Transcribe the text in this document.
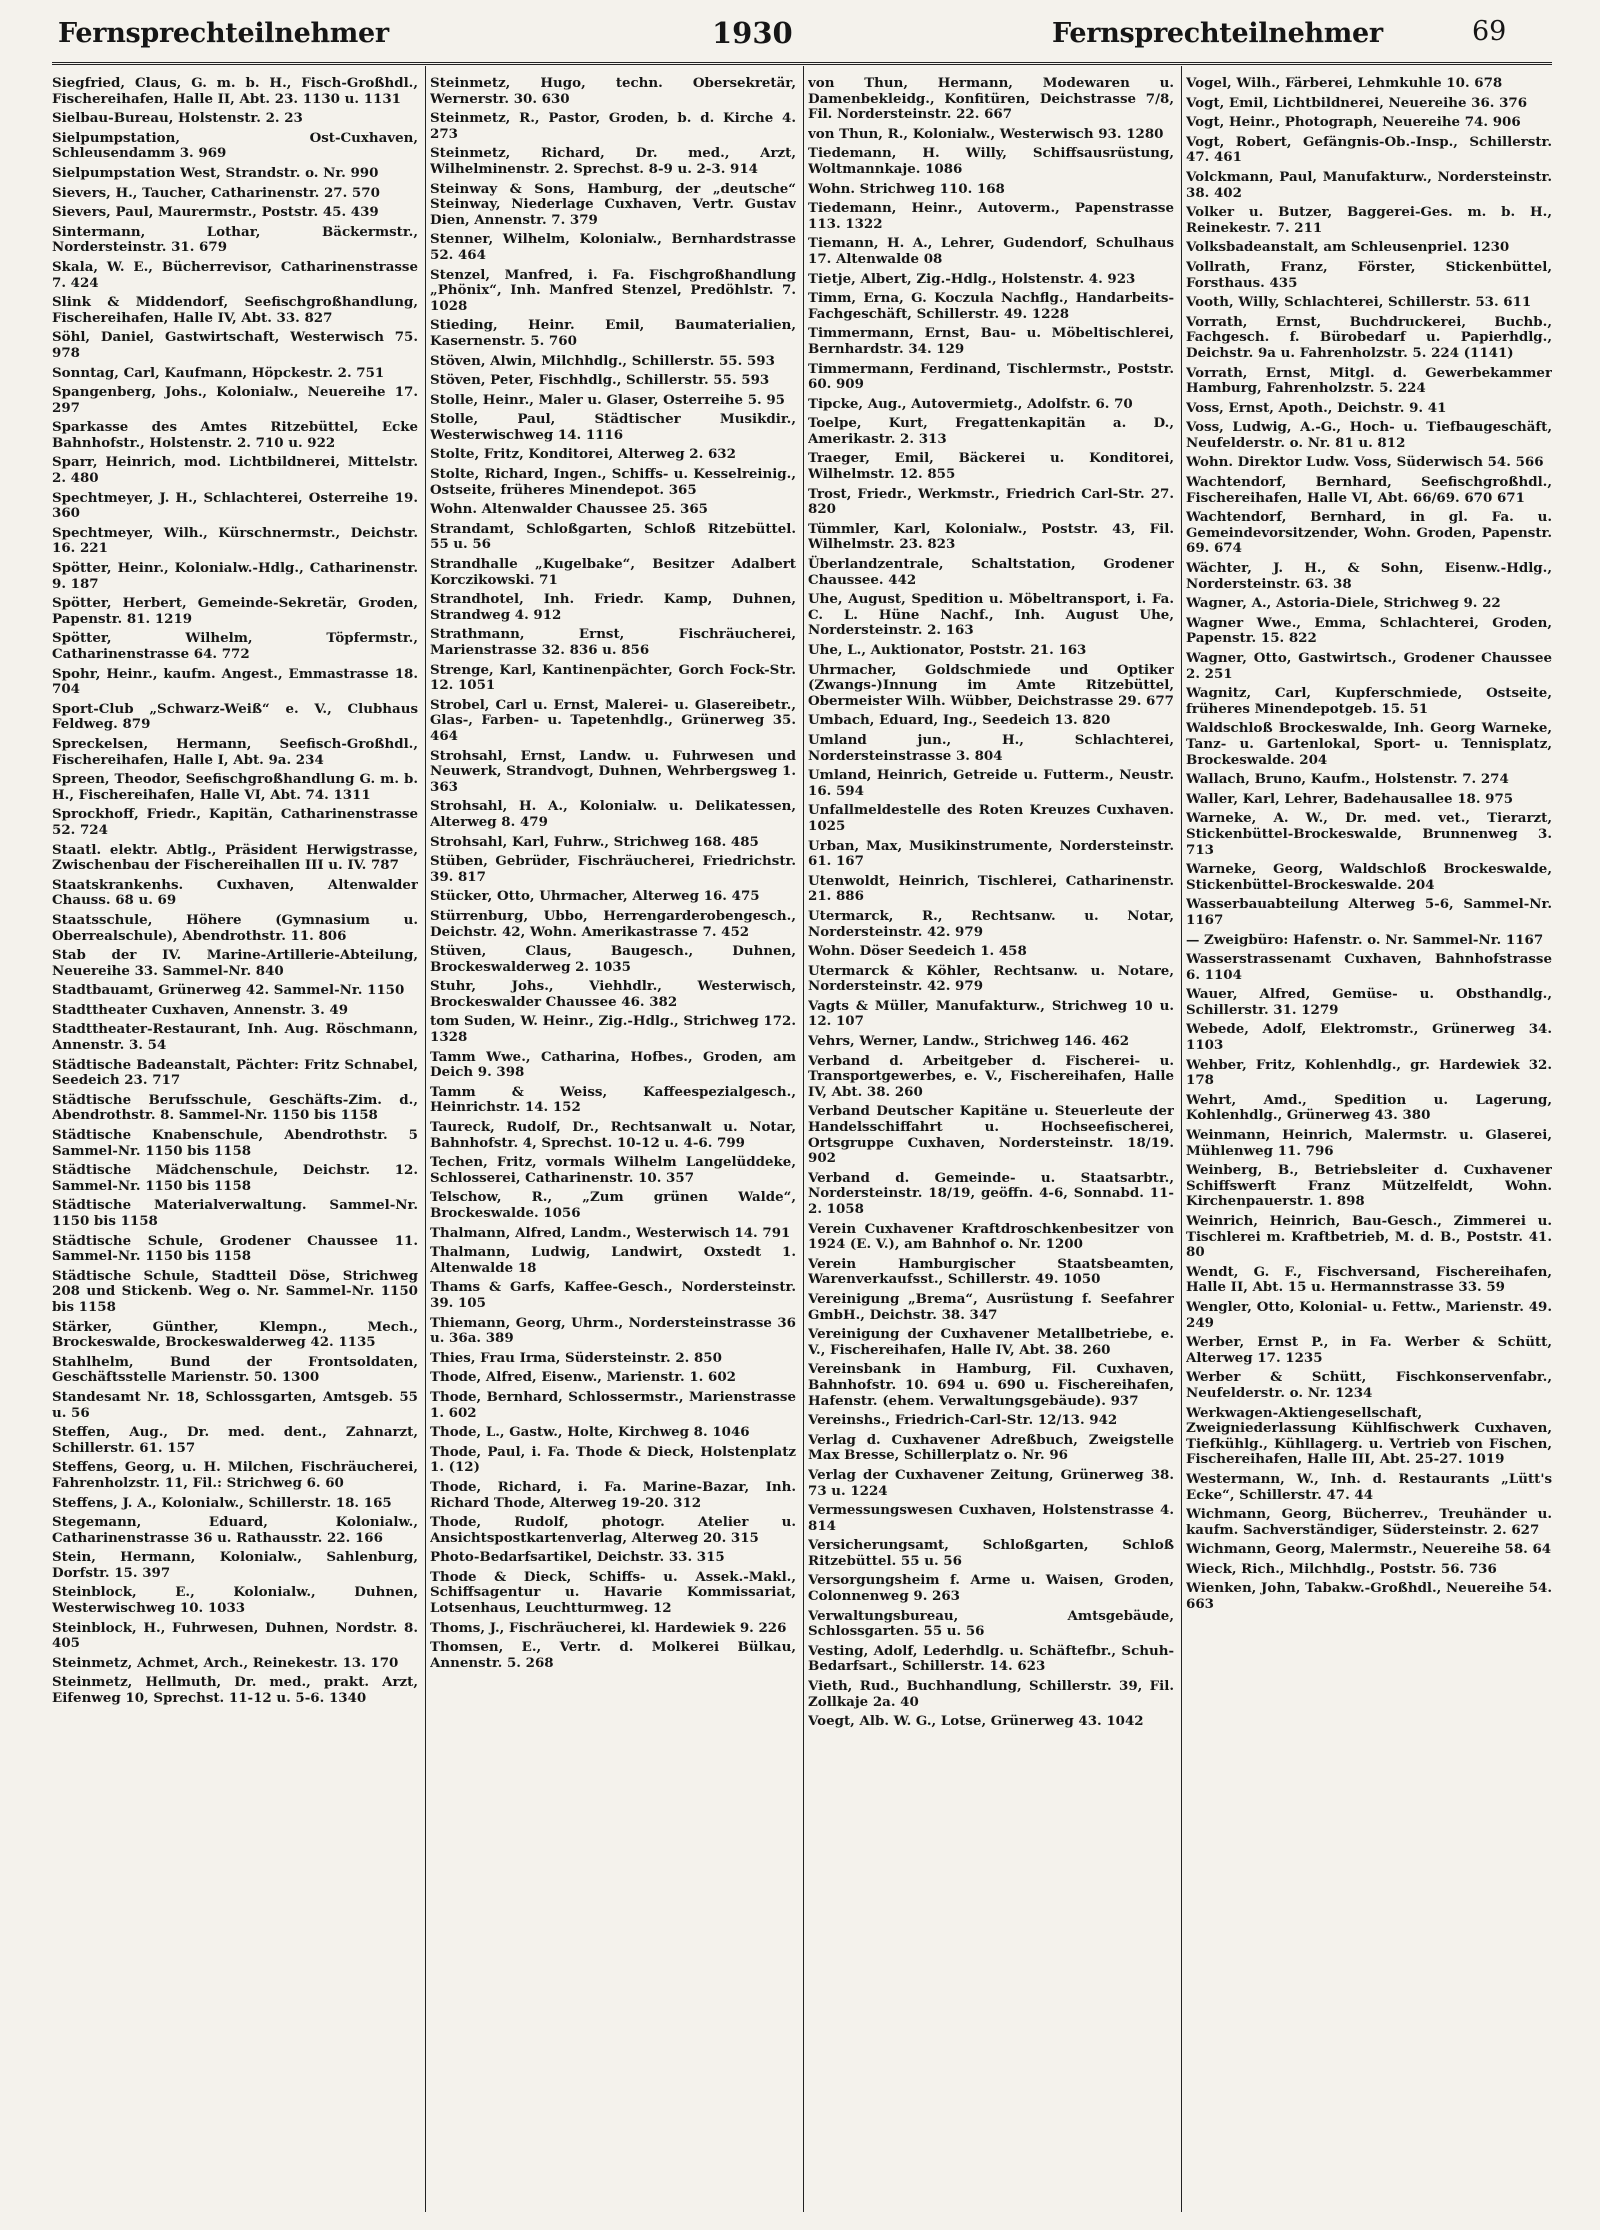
Fernsprechteilnehmer	1930	Fernsprechteilnehmer	69
Siegfried, Claus, G. m. b. H., Fisch-Großhdl., Fischereihafen, Halle II, Abt. 23. 1130 u. 1131
Sielbau-Bureau, Holstenstr. 2. 23
Sielpumpstation, Ost-Cuxhaven, Schleusendamm 3. 969
Sielpumpstation West, Strandstr. o. Nr. 990
Sievers, H., Taucher, Catharinenstr. 27. 570
Sievers, Paul, Maurermstr., Poststr. 45. 439
Sintermann, Lothar, Bäckermstr., Nordersteinstr. 31. 679
Skala, W. E., Bücherrevisor, Catharinenstrasse 7. 424
Slink & Middendorf, Seefischgroßhandlung, Fischereihafen, Halle IV, Abt. 33. 827
Söhl, Daniel, Gastwirtschaft, Westerwisch 75. 978
Sonntag, Carl, Kaufmann, Höpckestr. 2. 751
Spangenberg, Johs., Kolonialw., Neuereihe 17. 297
Sparkasse des Amtes Ritzebüttel, Ecke Bahnhofstr., Holstenstr. 2. 710 u. 922
Sparr, Heinrich, mod. Lichtbildnerei, Mittelstr. 2. 480
Spechtmeyer, J. H., Schlachterei, Osterreihe 19. 360
Spechtmeyer, Wilh., Kürschnermstr., Deichstr. 16. 221
Spötter, Heinr., Kolonialw.-Hdlg., Catharinenstr. 9. 187
Spötter, Herbert, Gemeinde-Sekretär, Groden, Papenstr. 81. 1219
Spötter, Wilhelm, Töpfermstr., Catharinenstrasse 64. 772
Spohr, Heinr., kaufm. Angest., Emmastrasse 18. 704
Sport-Club „Schwarz-Weiß“ e. V., Clubhaus Feldweg. 879
Spreckelsen, Hermann, Seefisch-Großhdl., Fischereihafen, Halle I, Abt. 9a. 234
Spreen, Theodor, Seefischgroßhandlung G. m. b. H., Fischereihafen, Halle VI, Abt. 74. 1311
Sprockhoff, Friedr., Kapitän, Catharinenstrasse 52. 724
Staatl. elektr. Abtlg., Präsident Herwigstrasse, Zwischenbau der Fischereihallen III u. IV. 787
Staatskrankenhs. Cuxhaven, Altenwalder Chauss. 68 u. 69
Staatsschule, Höhere (Gymnasium u. Oberrealschule), Abendrothstr. 11. 806
Stab der IV. Marine-Artillerie-Abteilung, Neuereihe 33. Sammel-Nr. 840
Stadtbauamt, Grünerweg 42. Sammel-Nr. 1150
Stadttheater Cuxhaven, Annenstr. 3. 49
Stadttheater-Restaurant, Inh. Aug. Röschmann, Annenstr. 3. 54
Städtische Badeanstalt, Pächter: Fritz Schnabel, Seedeich 23. 717
Städtische Berufsschule, Geschäfts-Zim. d., Abendrothstr. 8. Sammel-Nr. 1150 bis 1158
Städtische Knabenschule, Abendrothstr. 5 Sammel-Nr. 1150 bis 1158
Städtische Mädchenschule, Deichstr. 12. Sammel-Nr. 1150 bis 1158
Städtische Materialverwaltung. Sammel-Nr. 1150 bis 1158
Städtische Schule, Grodener Chaussee 11. Sammel-Nr. 1150 bis 1158
Städtische Schule, Stadtteil Döse, Strichweg 208 und Stickenb. Weg o. Nr. Sammel-Nr. 1150 bis 1158
Stärker, Günther, Klempn., Mech., Brockeswalde, Brockeswalderweg 42. 1135
Stahlhelm, Bund der Frontsoldaten, Geschäftsstelle Marienstr. 50. 1300
Standesamt Nr. 18, Schlossgarten, Amtsgeb. 55 u. 56
Steffen, Aug., Dr. med. dent., Zahnarzt, Schillerstr. 61. 157
Steffens, Georg, u. H. Milchen, Fischräucherei, Fahrenholzstr. 11, Fil.: Strichweg 6. 60
Steffens, J. A., Kolonialw., Schillerstr. 18. 165
Stegemann, Eduard, Kolonialw., Catharinenstrasse 36 u. Rathausstr. 22. 166
Stein, Hermann, Kolonialw., Sahlenburg, Dorfstr. 15. 397
Steinblock, E., Kolonialw., Duhnen, Westerwischweg 10. 1033
Steinblock, H., Fuhrwesen, Duhnen, Nordstr. 8. 405
Steinmetz, Achmet, Arch., Reinekestr. 13. 170
Steinmetz, Hellmuth, Dr. med., prakt. Arzt, Eifenweg 10, Sprechst. 11-12 u. 5-6. 1340
Steinmetz, Hugo, techn. Obersekretär, Wernerstr. 30. 630
Steinmetz, R., Pastor, Groden, b. d. Kirche 4. 273
Steinmetz, Richard, Dr. med., Arzt, Wilhelminenstr. 2. Sprechst. 8-9 u. 2-3. 914
Steinway & Sons, Hamburg, der „deutsche“ Steinway, Niederlage Cuxhaven, Vertr. Gustav Dien, Annenstr. 7. 379
Stenner, Wilhelm, Kolonialw., Bernhardstrasse 52. 464
Stenzel, Manfred, i. Fa. Fischgroßhandlung „Phönix“, Inh. Manfred Stenzel, Predöhlstr. 7. 1028
Stieding, Heinr. Emil, Baumaterialien, Kasernenstr. 5. 760
Stöven, Alwin, Milchhdlg., Schillerstr. 55. 593
Stöven, Peter, Fischhdlg., Schillerstr. 55. 593
Stolle, Heinr., Maler u. Glaser, Osterreihe 5. 95
Stolle, Paul, Städtischer Musikdir., Westerwischweg 14. 1116
Stolte, Fritz, Konditorei, Alterweg 2. 632
Stolte, Richard, Ingen., Schiffs- u. Kesselreinig., Ostseite, früheres Minendepot. 365
Wohn. Altenwalder Chaussee 25. 365
Strandamt, Schloßgarten, Schloß Ritzebüttel. 55 u. 56
Strandhalle „Kugelbake“, Besitzer Adalbert Korczikowski. 71
Strandhotel, Inh. Friedr. Kamp, Duhnen, Strandweg 4. 912
Strathmann, Ernst, Fischräucherei, Marienstrasse 32. 836 u. 856
Strenge, Karl, Kantinenpächter, Gorch Fock-Str. 12. 1051
Strobel, Carl u. Ernst, Malerei- u. Glasereibetr., Glas-, Farben- u. Tapetenhdlg., Grünerweg 35. 464
Strohsahl, Ernst, Landw. u. Fuhrwesen und Neuwerk, Strandvogt, Duhnen, Wehrbergsweg 1. 363
Strohsahl, H. A., Kolonialw. u. Delikatessen, Alterweg 8. 479
Strohsahl, Karl, Fuhrw., Strichweg 168. 485
Stüben, Gebrüder, Fischräucherei, Friedrichstr. 39. 817
Stücker, Otto, Uhrmacher, Alterweg 16. 475
Stürrenburg, Ubbo, Herrengarderobengesch., Deichstr. 42, Wohn. Amerikastrasse 7. 452
Stüven, Claus, Baugesch., Duhnen, Brockeswalderweg 2. 1035
Stuhr, Johs., Viehhdlr., Westerwisch, Brockeswalder Chaussee 46. 382
tom Suden, W. Heinr., Zig.-Hdlg., Strichweg 172. 1328
Tamm Wwe., Catharina, Hofbes., Groden, am Deich 9. 398
Tamm & Weiss, Kaffeespezialgesch., Heinrichstr. 14. 152
Taureck, Rudolf, Dr., Rechtsanwalt u. Notar, Bahnhofstr. 4, Sprechst. 10-12 u. 4-6. 799
Techen, Fritz, vormals Wilhelm Langelüddeke, Schlosserei, Catharinenstr. 10. 357
Telschow, R., „Zum grünen Walde“, Brockeswalde. 1056
Thalmann, Alfred, Landm., Westerwisch 14. 791
Thalmann, Ludwig, Landwirt, Oxstedt 1. Altenwalde 18
Thams & Garfs, Kaffee-Gesch., Nordersteinstr. 39. 105
Thiemann, Georg, Uhrm., Nordersteinstrasse 36 u. 36a. 389
Thies, Frau Irma, Südersteinstr. 2. 850
Thode, Alfred, Eisenw., Marienstr. 1. 602
Thode, Bernhard, Schlossermstr., Marienstrasse 1. 602
Thode, L., Gastw., Holte, Kirchweg 8. 1046
Thode, Paul, i. Fa. Thode & Dieck, Holstenplatz 1. (12)
Thode, Richard, i. Fa. Marine-Bazar, Inh. Richard Thode, Alterweg 19-20. 312
Thode, Rudolf, photogr. Atelier u. Ansichtspostkartenverlag, Alterweg 20. 315
Photo-Bedarfsartikel, Deichstr. 33. 315
Thode & Dieck, Schiffs- u. Assek.-Makl., Schiffsagentur u. Havarie Kommissariat, Lotsenhaus, Leuchtturmweg. 12
Thoms, J., Fischräucherei, kl. Hardewiek 9. 226
Thomsen, E., Vertr. d. Molkerei Bülkau, Annenstr. 5. 268
von Thun, Hermann, Modewaren u. Damenbekleidg., Konfitüren, Deichstrasse 7/8, Fil. Nordersteinstr. 22. 667
von Thun, R., Kolonialw., Westerwisch 93. 1280
Tiedemann, H. Willy, Schiffsausrüstung, Woltmannkaje. 1086
Wohn. Strichweg 110. 168
Tiedemann, Heinr., Autoverm., Papenstrasse 113. 1322
Tiemann, H. A., Lehrer, Gudendorf, Schulhaus 17. Altenwalde 08
Tietje, Albert, Zig.-Hdlg., Holstenstr. 4. 923
Timm, Erna, G. Koczula Nachflg., Handarbeits-Fachgeschäft, Schillerstr. 49. 1228
Timmermann, Ernst, Bau- u. Möbeltischlerei, Bernhardstr. 34. 129
Timmermann, Ferdinand, Tischlermstr., Poststr. 60. 909
Tipcke, Aug., Autovermietg., Adolfstr. 6. 70
Toelpe, Kurt, Fregattenkapitän a. D., Amerikastr. 2. 313
Traeger, Emil, Bäckerei u. Konditorei, Wilhelmstr. 12. 855
Trost, Friedr., Werkmstr., Friedrich Carl-Str. 27. 820
Tümmler, Karl, Kolonialw., Poststr. 43, Fil. Wilhelmstr. 23. 823
Überlandzentrale, Schaltstation, Grodener Chaussee. 442
Uhe, August, Spedition u. Möbeltransport, i. Fa. C. L. Hüne Nachf., Inh. August Uhe, Nordersteinstr. 2. 163
Uhe, L., Auktionator, Poststr. 21. 163
Uhrmacher, Goldschmiede und Optiker (Zwangs-)Innung im Amte Ritzebüttel, Obermeister Wilh. Wübber, Deichstrasse 29. 677
Umbach, Eduard, Ing., Seedeich 13. 820
Umland jun., H., Schlachterei, Nordersteinstrasse 3. 804
Umland, Heinrich, Getreide u. Futterm., Neustr. 16. 594
Unfallmeldestelle des Roten Kreuzes Cuxhaven. 1025
Urban, Max, Musikinstrumente, Nordersteinstr. 61. 167
Utenwoldt, Heinrich, Tischlerei, Catharinenstr. 21. 886
Utermarck, R., Rechtsanw. u. Notar, Nordersteinstr. 42. 979
Wohn. Döser Seedeich 1. 458
Utermarck & Köhler, Rechtsanw. u. Notare, Nordersteinstr. 42. 979
Vagts & Müller, Manufakturw., Strichweg 10 u. 12. 107
Vehrs, Werner, Landw., Strichweg 146. 462
Verband d. Arbeitgeber d. Fischerei- u. Transportgewerbes, e. V., Fischereihafen, Halle IV, Abt. 38. 260
Verband Deutscher Kapitäne u. Steuerleute der Handelsschiffahrt u. Hochseefischerei, Ortsgruppe Cuxhaven, Nordersteinstr. 18/19. 902
Verband d. Gemeinde- u. Staatsarbtr., Nordersteinstr. 18/19, geöffn. 4-6, Sonnabd. 11-2. 1058
Verein Cuxhavener Kraftdroschkenbesitzer von 1924 (E. V.), am Bahnhof o. Nr. 1200
Verein Hamburgischer Staatsbeamten, Warenverkaufsst., Schillerstr. 49. 1050
Vereinigung „Brema“, Ausrüstung f. Seefahrer GmbH., Deichstr. 38. 347
Vereinigung der Cuxhavener Metallbetriebe, e. V., Fischereihafen, Halle IV, Abt. 38. 260
Vereinsbank in Hamburg, Fil. Cuxhaven, Bahnhofstr. 10. 694 u. 690 u. Fischereihafen, Hafenstr. (ehem. Verwaltungsgebäude). 937
Vereinshs., Friedrich-Carl-Str. 12/13. 942
Verlag d. Cuxhavener Adreßbuch, Zweigstelle Max Bresse, Schillerplatz o. Nr. 96
Verlag der Cuxhavener Zeitung, Grünerweg 38. 73 u. 1224
Vermessungswesen Cuxhaven, Holstenstrasse 4. 814
Versicherungsamt, Schloßgarten, Schloß Ritzebüttel. 55 u. 56
Versorgungsheim f. Arme u. Waisen, Groden, Colonnenweg 9. 263
Verwaltungsbureau, Amtsgebäude, Schlossgarten. 55 u. 56
Vesting, Adolf, Lederhdlg. u. Schäftefbr., Schuh-Bedarfsart., Schillerstr. 14. 623
Vieth, Rud., Buchhandlung, Schillerstr. 39, Fil. Zollkaje 2a. 40
Voegt, Alb. W. G., Lotse, Grünerweg 43. 1042
Vogel, Wilh., Färberei, Lehmkuhle 10. 678
Vogt, Emil, Lichtbildnerei, Neuereihe 36. 376
Vogt, Heinr., Photograph, Neuereihe 74. 906
Vogt, Robert, Gefängnis-Ob.-Insp., Schillerstr. 47. 461
Volckmann, Paul, Manufakturw., Nordersteinstr. 38. 402
Volker u. Butzer, Baggerei-Ges. m. b. H., Reinekestr. 7. 211
Volksbadeanstalt, am Schleusenpriel. 1230
Vollrath, Franz, Förster, Stickenbüttel, Forsthaus. 435
Vooth, Willy, Schlachterei, Schillerstr. 53. 611
Vorrath, Ernst, Buchdruckerei, Buchb., Fachgesch. f. Bürobedarf u. Papierhdlg., Deichstr. 9a u. Fahrenholzstr. 5. 224 (1141)
Vorrath, Ernst, Mitgl. d. Gewerbekammer Hamburg, Fahrenholzstr. 5. 224
Voss, Ernst, Apoth., Deichstr. 9. 41
Voss, Ludwig, A.-G., Hoch- u. Tiefbaugeschäft, Neufelderstr. o. Nr. 81 u. 812
Wohn. Direktor Ludw. Voss, Süderwisch 54. 566
Wachtendorf, Bernhard, Seefischgroßhdl., Fischereihafen, Halle VI, Abt. 66/69. 670 671
Wachtendorf, Bernhard, in gl. Fa. u. Gemeindevorsitzender, Wohn. Groden, Papenstr. 69. 674
Wächter, J. H., & Sohn, Eisenw.-Hdlg., Nordersteinstr. 63. 38
Wagner, A., Astoria-Diele, Strichweg 9. 22
Wagner Wwe., Emma, Schlachterei, Groden, Papenstr. 15. 822
Wagner, Otto, Gastwirtsch., Grodener Chaussee 2. 251
Wagnitz, Carl, Kupferschmiede, Ostseite, früheres Minendepotgeb. 15. 51
Waldschloß Brockeswalde, Inh. Georg Warneke, Tanz- u. Gartenlokal, Sport- u. Tennisplatz, Brockeswalde. 204
Wallach, Bruno, Kaufm., Holstenstr. 7. 274
Waller, Karl, Lehrer, Badehausallee 18. 975
Warneke, A. W., Dr. med. vet., Tierarzt, Stickenbüttel-Brockeswalde, Brunnenweg 3. 713
Warneke, Georg, Waldschloß Brockeswalde, Stickenbüttel-Brockeswalde. 204
Wasserbauabteilung Alterweg 5-6, Sammel-Nr. 1167
— Zweigbüro: Hafenstr. o. Nr. Sammel-Nr. 1167
Wasserstrassenamt Cuxhaven, Bahnhofstrasse 6. 1104
Wauer, Alfred, Gemüse- u. Obsthandlg., Schillerstr. 31. 1279
Webede, Adolf, Elektromstr., Grünerweg 34. 1103
Wehber, Fritz, Kohlenhdlg., gr. Hardewiek 32. 178
Wehrt, Amd., Spedition u. Lagerung, Kohlenhdlg., Grünerweg 43. 380
Weinmann, Heinrich, Malermstr. u. Glaserei, Mühlenweg 11. 796
Weinberg, B., Betriebsleiter d. Cuxhavener Schiffswerft Franz Mützelfeldt, Wohn. Kirchenpauerstr. 1. 898
Weinrich, Heinrich, Bau-Gesch., Zimmerei u. Tischlerei m. Kraftbetrieb, M. d. B., Poststr. 41. 80
Wendt, G. F., Fischversand, Fischereihafen, Halle II, Abt. 15 u. Hermannstrasse 33. 59
Wengler, Otto, Kolonial- u. Fettw., Marienstr. 49. 249
Werber, Ernst P., in Fa. Werber & Schütt, Alterweg 17. 1235
Werber & Schütt, Fischkonservenfabr., Neufelderstr. o. Nr. 1234
Werkwagen-Aktiengesellschaft, Zweigniederlassung Kühlfischwerk Cuxhaven, Tiefkühlg., Kühllagerg. u. Vertrieb von Fischen, Fischereihafen, Halle III, Abt. 25-27. 1019
Westermann, W., Inh. d. Restaurants „Lütt's Ecke“, Schillerstr. 47. 44
Wichmann, Georg, Bücherrev., Treuhänder u. kaufm. Sachverständiger, Südersteinstr. 2. 627
Wichmann, Georg, Malermstr., Neuereihe 58. 64
Wieck, Rich., Milchhdlg., Poststr. 56. 736
Wienken, John, Tabakw.-Großhdl., Neuereihe 54. 663
